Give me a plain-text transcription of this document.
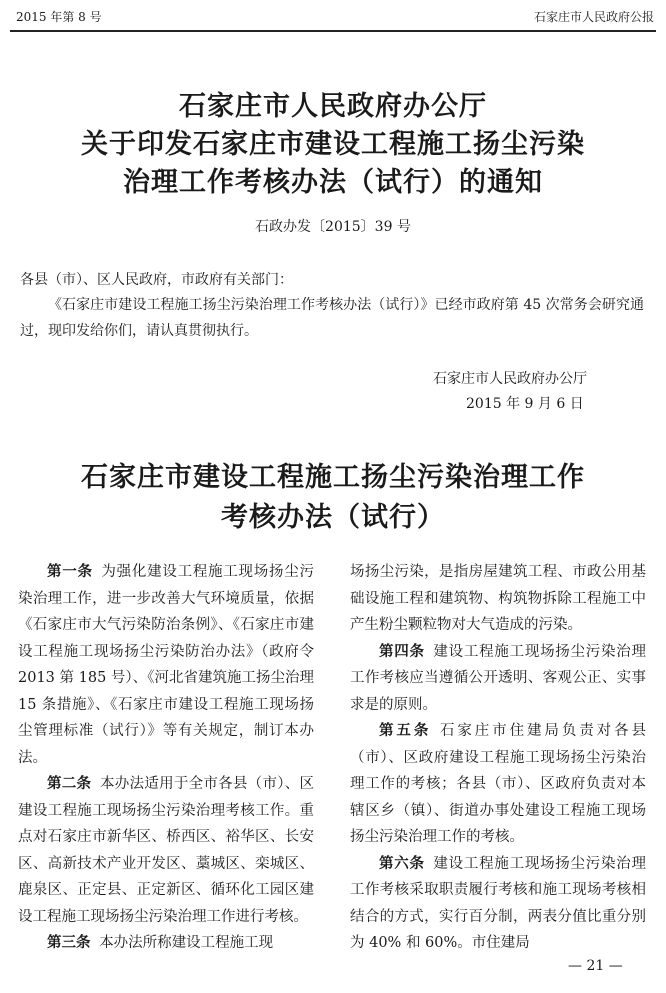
2015 年第 8 号	石家庄市人民政府公报
石家庄市人民政府办公厅
关于印发石家庄市建设工程施工扬尘污染
治理工作考核办法（试行）的通知
石政办发〔2015〕39 号
各县（市）、区人民政府，市政府有关部门：
《石家庄市建设工程施工扬尘污染治理工作考核办法（试行）》已经市政府第 45 次常务会研究通过，现印发给你们，请认真贯彻执行。
石家庄市人民政府办公厅
2015 年 9 月 6 日
石家庄市建设工程施工扬尘污染治理工作
考核办法（试行）

第一条 为强化建设工程施工现场扬尘污染治理工作，进一步改善大气环境质量，依据《石家庄市大气污染防治条例》、《石家庄市建设工程施工现场扬尘污染防治办法》（政府令 2013 第 185 号）、《河北省建筑施工扬尘治理 15 条措施》、《石家庄市建设工程施工现场扬尘管理标准（试行）》等有关规定，制订本办法。

第二条 本办法适用于全市各县（市）、区建设工程施工现场扬尘污染治理考核工作。重点对石家庄市新华区、桥西区、裕华区、长安区、高新技术产业开发区、藁城区、栾城区、鹿泉区、正定县、正定新区、循环化工园区建设工程施工现场扬尘污染治理工作进行考核。

第三条 本办法所称建设工程施工现

场扬尘污染，是指房屋建筑工程、市政公用基础设施工程和建筑物、构筑物拆除工程施工中产生粉尘颗粒物对大气造成的污染。

第四条 建设工程施工现场扬尘污染治理工作考核应当遵循公开透明、客观公正、实事求是的原则。

第五条 石家庄市住建局负责对各县（市）、区政府建设工程施工现场扬尘污染治理工作的考核；各县（市）、区政府负责对本辖区乡（镇）、街道办事处建设工程施工现场扬尘污染治理工作的考核。

第六条 建设工程施工现场扬尘污染治理工作考核采取职责履行考核和施工现场考核相结合的方式，实行百分制，两表分值比重分别为 40% 和 60%。市住建局

— 21 —
